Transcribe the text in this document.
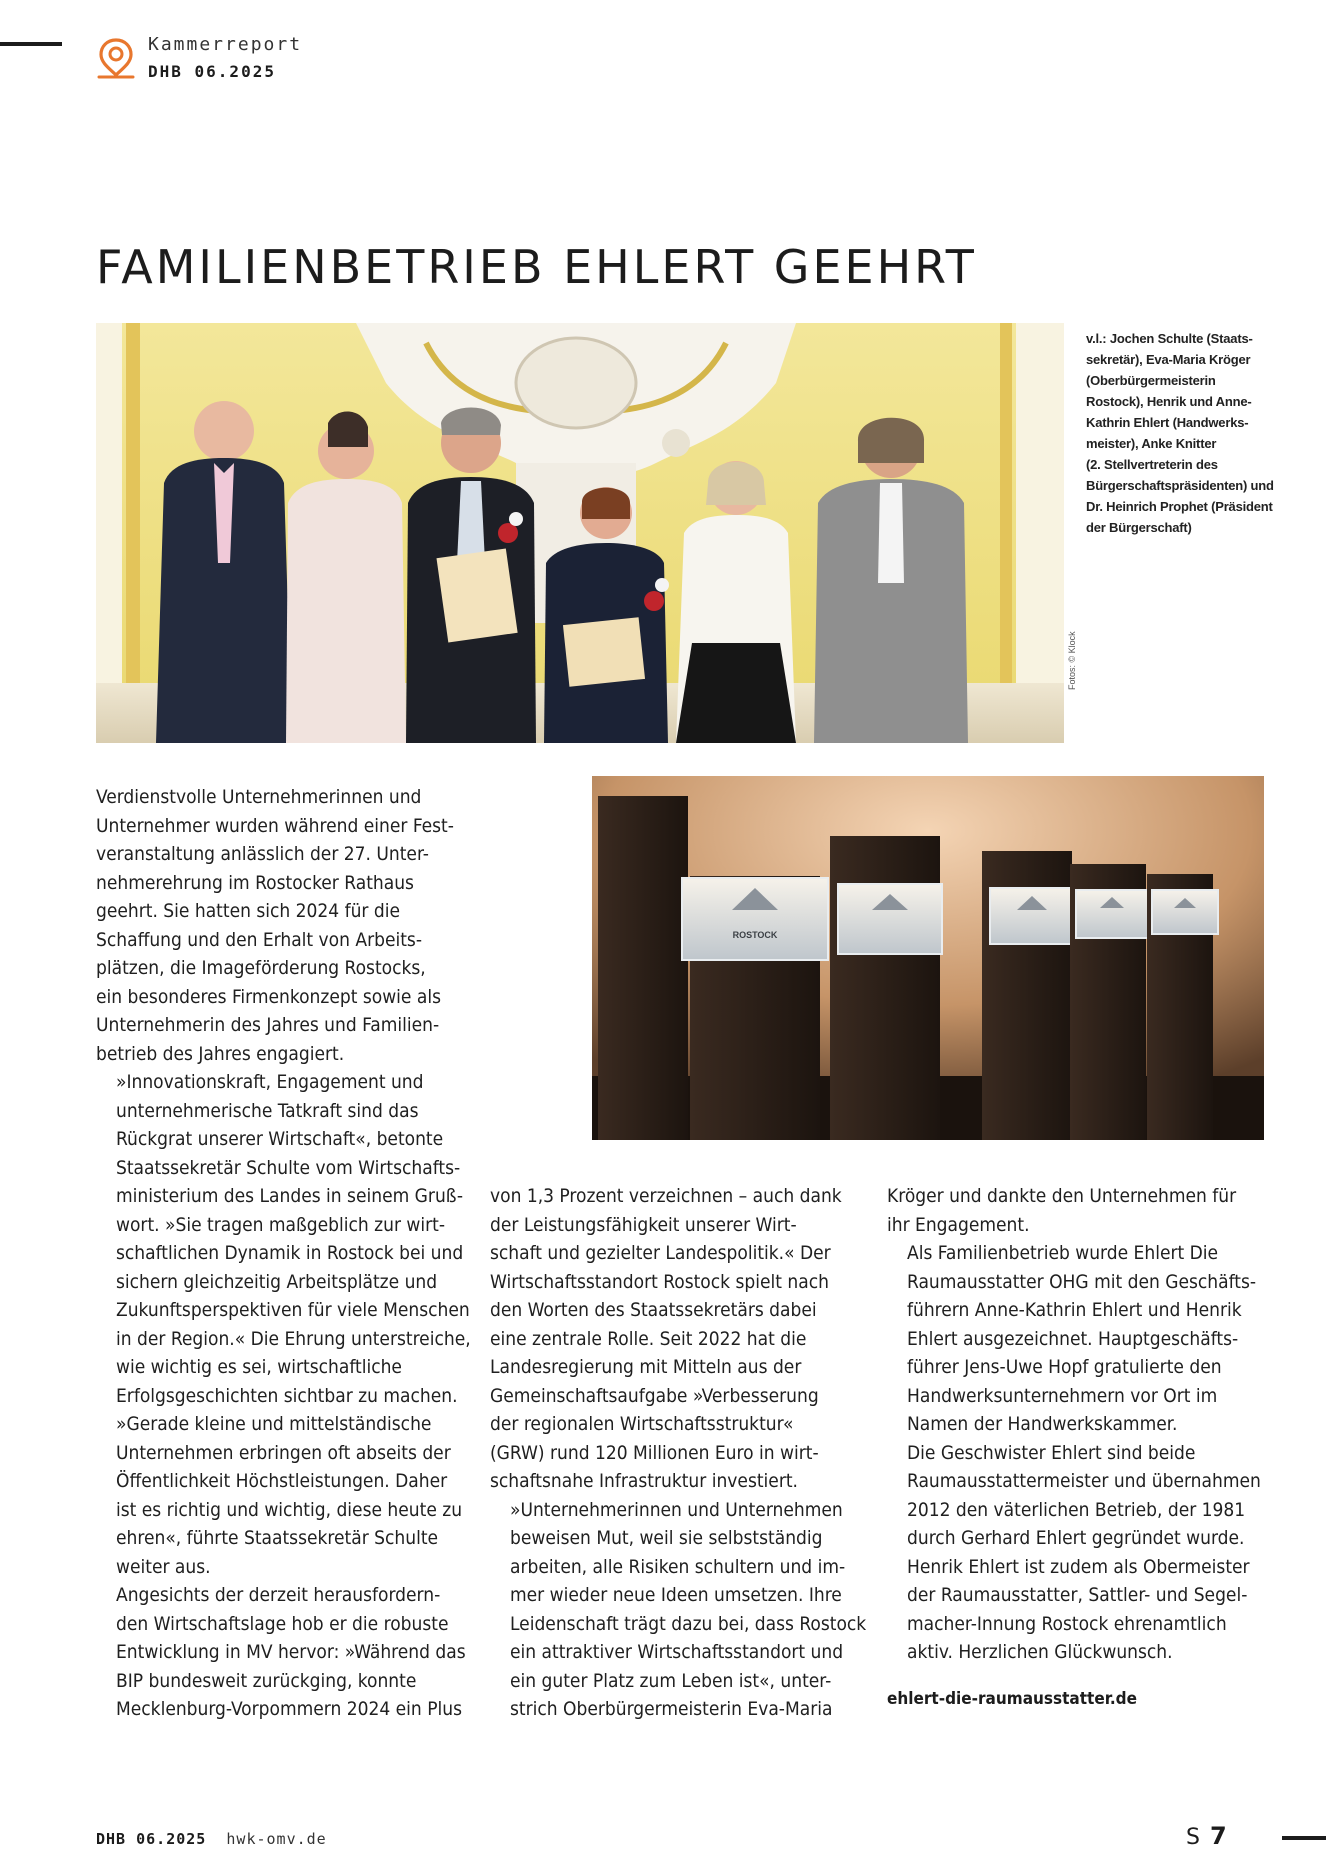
Kammerreport
DHB 06.2025
FAMILIENBETRIEB EHLERT GEEHRT
v.l.: Jochen Schulte (Staats-
sekretär), Eva-Maria Kröger
(Oberbürgermeisterin
Rostock), Henrik und Anne-
Kathrin Ehlert (Handwerks-
meister), Anke Knitter
(2. Stellvertreterin des
Bürgerschaftspräsidenten) und
Dr. Heinrich Prophet (Präsident
der Bürgerschaft)
Fotos: © Klock
ROSTOCK

Verdienstvolle Unternehmerinnen und
Unternehmer wurden während einer Fest-
veranstaltung anlässlich der 27. Unter-
nehmerehrung im Rostocker Rathaus
geehrt. Sie hatten sich 2024 für die
Schaffung und den Erhalt von Arbeits-
plätzen, die Imageförderung Rostocks,
ein besonderes Firmenkonzept sowie als
Unternehmerin des Jahres und Familien-
betrieb des Jahres engagiert.

»Innovationskraft, Engagement und
unternehmerische Tatkraft sind das
Rückgrat unserer Wirtschaft«, betonte
Staatssekretär Schulte vom Wirtschafts-
ministerium des Landes in seinem Gruß-
wort. »Sie tragen maßgeblich zur wirt-
schaftlichen Dynamik in Rostock bei und
sichern gleichzeitig Arbeitsplätze und
Zukunftsperspektiven für viele Menschen
in der Region.« Die Ehrung unterstreiche,
wie wichtig es sei, wirtschaftliche
Erfolgsgeschichten sichtbar zu machen.
»Gerade kleine und mittelständische
Unternehmen erbringen oft abseits der
Öffentlichkeit Höchstleistungen. Daher
ist es richtig und wichtig, diese heute zu
ehren«, führte Staatssekretär Schulte
weiter aus.

Angesichts der derzeit herausfordern-
den Wirtschaftslage hob er die robuste
Entwicklung in MV hervor: »Während das
BIP bundesweit zurückging, konnte
Mecklenburg-Vorpommern 2024 ein Plus

von 1,3 Prozent verzeichnen – auch dank
der Leistungsfähigkeit unserer Wirt-
schaft und gezielter Landespolitik.« Der
Wirtschaftsstandort Rostock spielt nach
den Worten des Staatssekretärs dabei
eine zentrale Rolle. Seit 2022 hat die
Landesregierung mit Mitteln aus der
Gemeinschaftsaufgabe »Verbesserung
der regionalen Wirtschaftsstruktur«
(GRW) rund 120 Millionen Euro in wirt-
schaftsnahe Infrastruktur investiert.

»Unternehmerinnen und Unternehmen
beweisen Mut, weil sie selbstständig
arbeiten, alle Risiken schultern und im-
mer wieder neue Ideen umsetzen. Ihre
Leidenschaft trägt dazu bei, dass Rostock
ein attraktiver Wirtschaftsstandort und
ein guter Platz zum Leben ist«, unter-
strich Oberbürgermeisterin Eva-Maria

Kröger und dankte den Unternehmen für
ihr Engagement.

Als Familienbetrieb wurde Ehlert Die
Raumausstatter OHG mit den Geschäfts-
führern Anne-Kathrin Ehlert und Henrik
Ehlert ausgezeichnet. Hauptgeschäfts-
führer Jens-Uwe Hopf gratulierte den
Handwerksunternehmern vor Ort im
Namen der Handwerkskammer.

Die Geschwister Ehlert sind beide
Raumausstattermeister und übernahmen
2012 den väterlichen Betrieb, der 1981
durch Gerhard Ehlert gegründet wurde.
Henrik Ehlert ist zudem als Obermeister
der Raumausstatter, Sattler- und Segel-
macher-Innung Rostock ehrenamtlich
aktiv. Herzlichen Glückwunsch.

ehlert-die-raumausstatter.de
DHB 06.2025 hwk-omv.de	S 7
